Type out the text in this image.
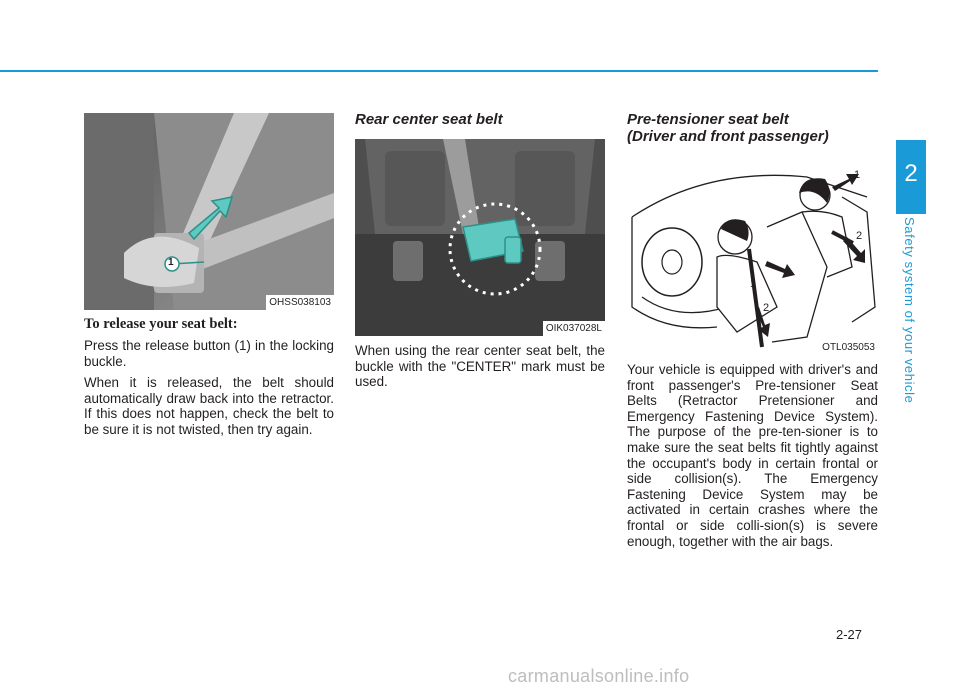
2
Safety system of your vehicle
1
OHSS038103
To release your seat belt:

Press the release button (1) in the locking buckle.

When it is released, the belt should automatically draw back into the retractor. If this does not happen, check the belt to be sure it is not twisted, then try again.

Rear center seat belt
OIK037028L

When using the rear center seat belt, the buckle with the "CENTER" mark must be used.

Pre-tensioner seat belt
(Driver and front passenger)
1
2
1
2
OTL035053

Your vehicle is equipped with driver's and front passenger's Pre-tensioner Seat Belts (Retractor Pretensioner and Emergency Fastening Device System). The purpose of the pre-ten-sioner is to make sure the seat belts fit tightly against the occupant's body in certain frontal or side collision(s). The Emergency Fastening Device System may be activated in certain crashes where the frontal or side colli-sion(s) is severe enough, together with the air bags.

2-27
carmanualsonline.info
